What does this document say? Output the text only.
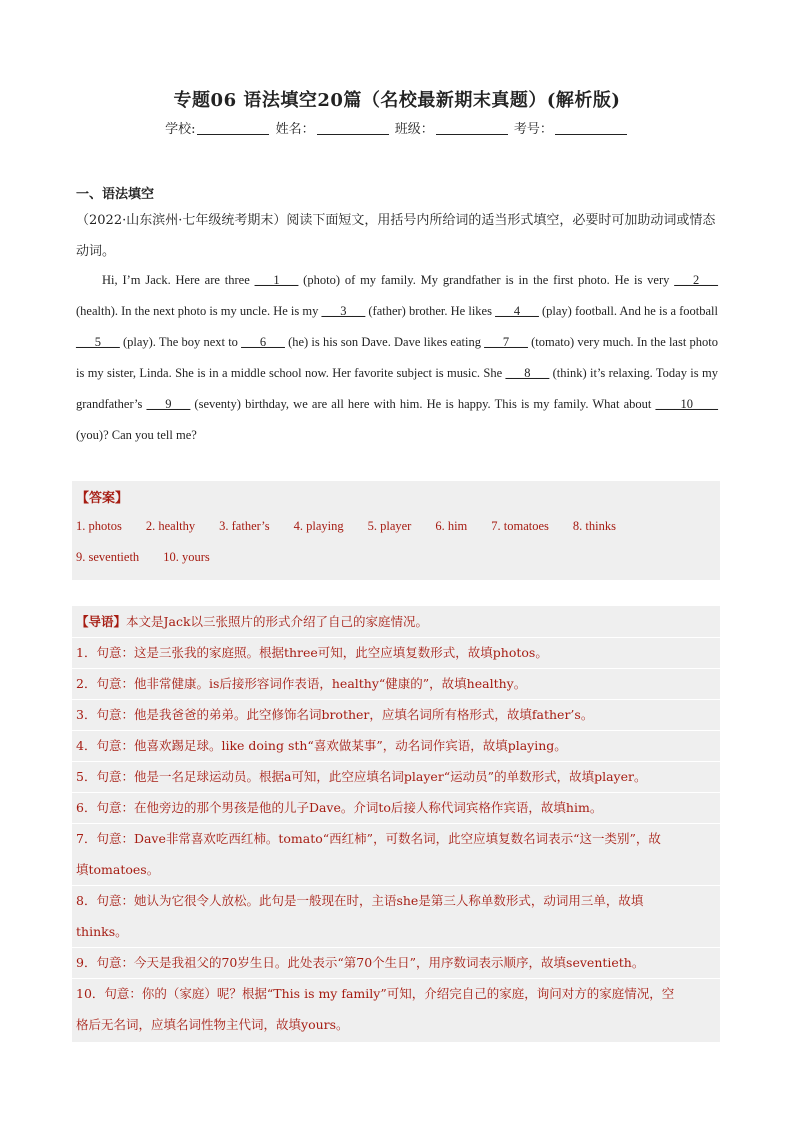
专题06 语法填空20篇（名校最新期末真题）(解析版)
学校:	姓名：	班级：	考号：
一、语法填空
（2022·山东滨州·七年级统考期末）阅读下面短文，用括号内所给词的适当形式填空，必要时可加助动词或情态动词。

Hi, I’m Jack. Here are three ___1___ (photo) of my family. My grandfather is in the first photo. He is very ___2___ (health). In the next photo is my uncle. He is my ___3___ (father) brother. He likes ___4___ (play) football. And he is a football ___5___ (play). The boy next to ___6___ (he) is his son Dave. Dave likes eating ___7___ (tomato) very much. In the last photo is my sister, Linda. She is in a middle school now. Her favorite subject is music. She ___8___ (think) it’s relaxing. Today is my grandfather’s ___9___ (seventy) birthday, we are all here with him. He is happy. This is my family. What about ____10____ (you)? Can you tell me?

【答案】
1. photos 2. healthy 3. father’s 4. playing 5. player 6. him 7. tomatoes 8. thinks
9. seventieth 10. yours
【导语】本文是Jack以三张照片的形式介绍了自己的家庭情况。
1．句意：这是三张我的家庭照。根据three可知，此空应填复数形式，故填photos。
2．句意：他非常健康。is后接形容词作表语，healthy“健康的”，故填healthy。
3．句意：他是我爸爸的弟弟。此空修饰名词brother，应填名词所有格形式，故填father’s。
4．句意：他喜欢踢足球。like doing sth“喜欢做某事”，动名词作宾语，故填playing。
5．句意：他是一名足球运动员。根据a可知，此空应填名词player“运动员”的单数形式，故填player。
6．句意：在他旁边的那个男孩是他的儿子Dave。介词to后接人称代词宾格作宾语，故填him。
7．句意：Dave非常喜欢吃西红柿。tomato“西红柿”，可数名词，此空应填复数名词表示“这一类别”，故
填tomatoes。
8．句意：她认为它很令人放松。此句是一般现在时，主语she是第三人称单数形式，动词用三单，故填
thinks。
9．句意：今天是我祖父的70岁生日。此处表示“第70个生日”，用序数词表示顺序，故填seventieth。
10．句意：你的（家庭）呢？根据“This is my family”可知，介绍完自己的家庭，询问对方的家庭情况，空
格后无名词，应填名词性物主代词，故填yours。
